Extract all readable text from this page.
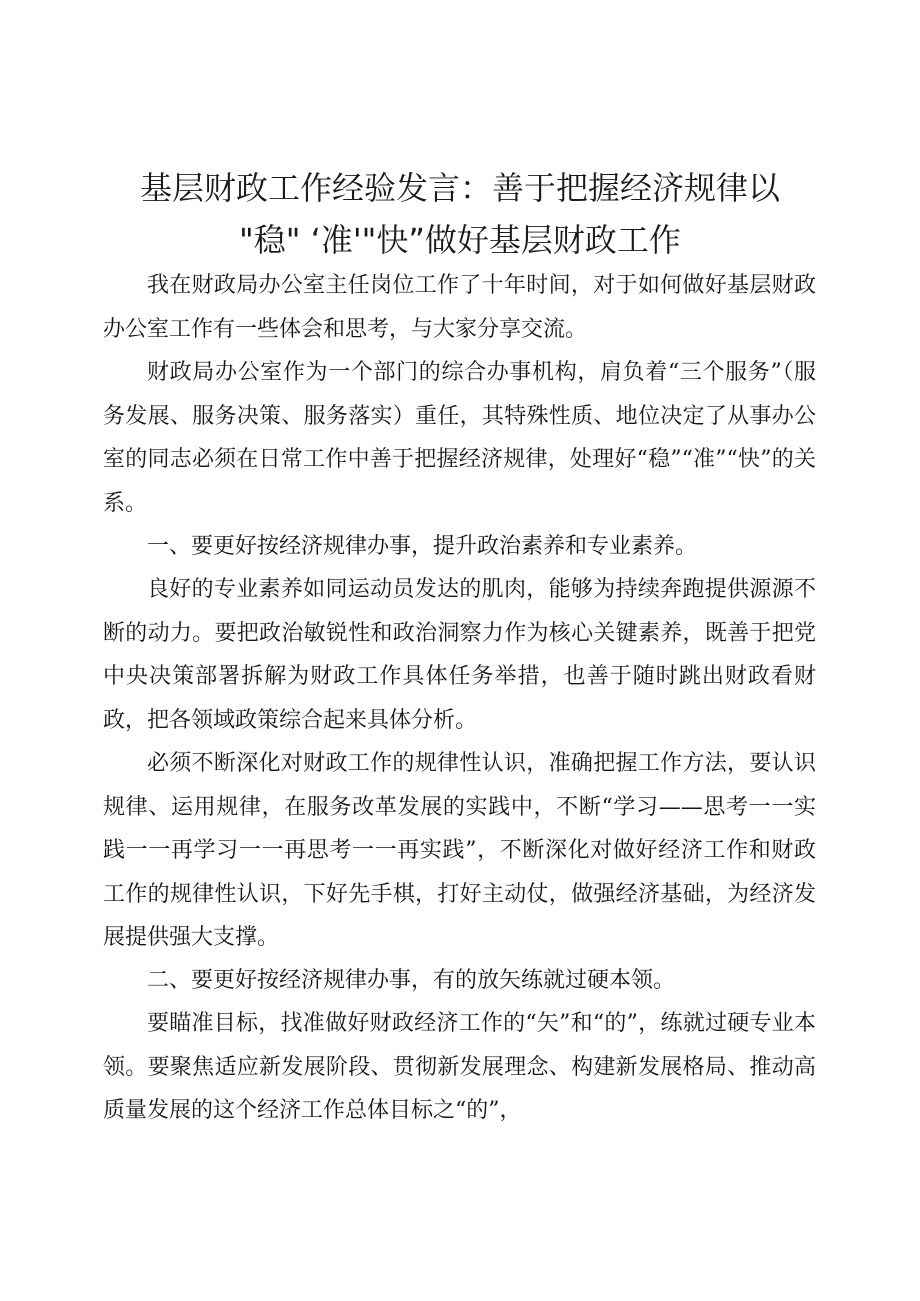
基层财政工作经验发言：善于把握经济规律以
"稳" ‘准'"快”做好基层财政工作

我在财政局办公室主任岗位工作了十年时间，对于如何做好基层财政办公室工作有一些体会和思考，与大家分享交流。

财政局办公室作为一个部门的综合办事机构，肩负着“三个服务”（服务发展、服务决策、服务落实）重任，其特殊性质、地位决定了从事办公室的同志必须在日常工作中善于把握经济规律，处理好“稳”“准”“快”的关系。

一、要更好按经济规律办事，提升政治素养和专业素养。

良好的专业素养如同运动员发达的肌肉，能够为持续奔跑提供源源不断的动力。要把政治敏锐性和政治洞察力作为核心关键素养，既善于把党中央决策部署拆解为财政工作具体任务举措，也善于随时跳出财政看财政，把各领域政策综合起来具体分析。

必须不断深化对财政工作的规律性认识，准确把握工作方法，要认识规律、运用规律，在服务改革发展的实践中，不断“学习——思考一一实践一一再学习一一再思考一一再实践”，不断深化对做好经济工作和财政工作的规律性认识，下好先手棋，打好主动仗，做强经济基础，为经济发展提供强大支撑。

二、要更好按经济规律办事，有的放矢练就过硬本领。

要瞄准目标，找准做好财政经济工作的“矢”和“的”，练就过硬专业本领。要聚焦适应新发展阶段、贯彻新发展理念、构建新发展格局、推动高质量发展的这个经济工作总体目标之“的”，
